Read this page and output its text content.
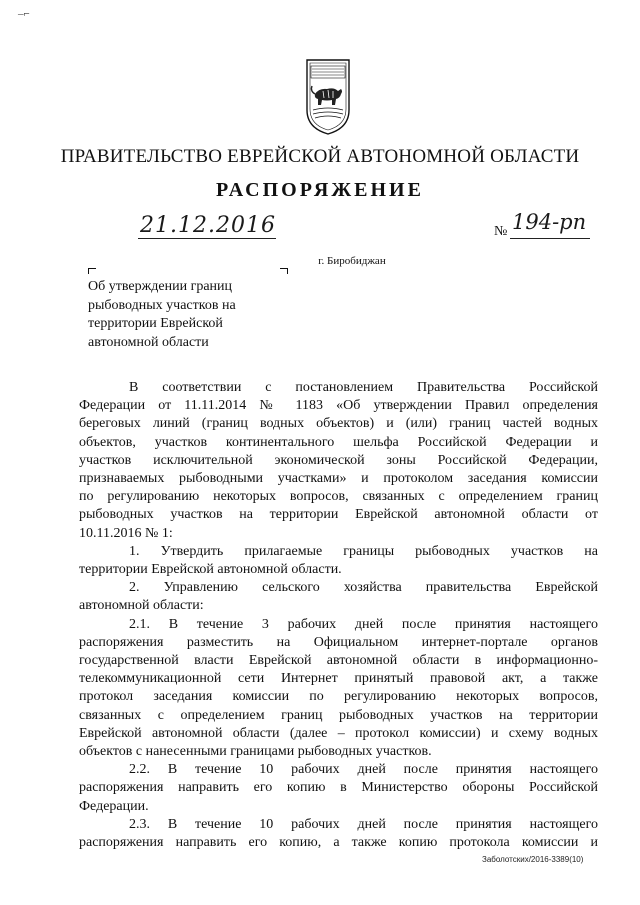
–⌐
ПРАВИТЕЛЬСТВО ЕВРЕЙСКОЙ АВТОНОМНОЙ ОБЛАСТИ
РАСПОРЯЖЕНИЕ
21.12.2016	№ 194-рп
г. Биробиджан
Об утверждении границ
рыбоводных участков на
территории Еврейской
автономной области
В соответствии с постановлением Правительства Российской
Федерации от 11.11.2014 № 1183 «Об утверждении Правил определения
береговых линий (границ водных объектов) и (или) границ частей водных
объектов, участков континентального шельфа Российской Федерации и
участков исключительной экономической зоны Российской Федерации,
признаваемых рыбоводными участками» и протоколом заседания комиссии
по регулированию некоторых вопросов, связанных с определением границ
рыбоводных участков на территории Еврейской автономной области от
10.11.2016 № 1:
1. Утвердить прилагаемые границы рыбоводных участков на
территории Еврейской автономной области.
2. Управлению сельского хозяйства правительства Еврейской
автономной области:
2.1. В течение 3 рабочих дней после принятия настоящего
распоряжения разместить на Официальном интернет-портале органов
государственной власти Еврейской автономной области в информационно-
телекоммуникационной сети Интернет принятый правовой акт, а также
протокол заседания комиссии по регулированию некоторых вопросов,
связанных с определением границ рыбоводных участков на территории
Еврейской автономной области (далее – протокол комиссии) и схему водных
объектов с нанесенными границами рыбоводных участков.
2.2. В течение 10 рабочих дней после принятия настоящего
распоряжения направить его копию в Министерство обороны Российской
Федерации.
2.3. В течение 10 рабочих дней после принятия настоящего
распоряжения направить его копию, а также копию протокола комиссии и
Заболотских/2016-3389(10)
